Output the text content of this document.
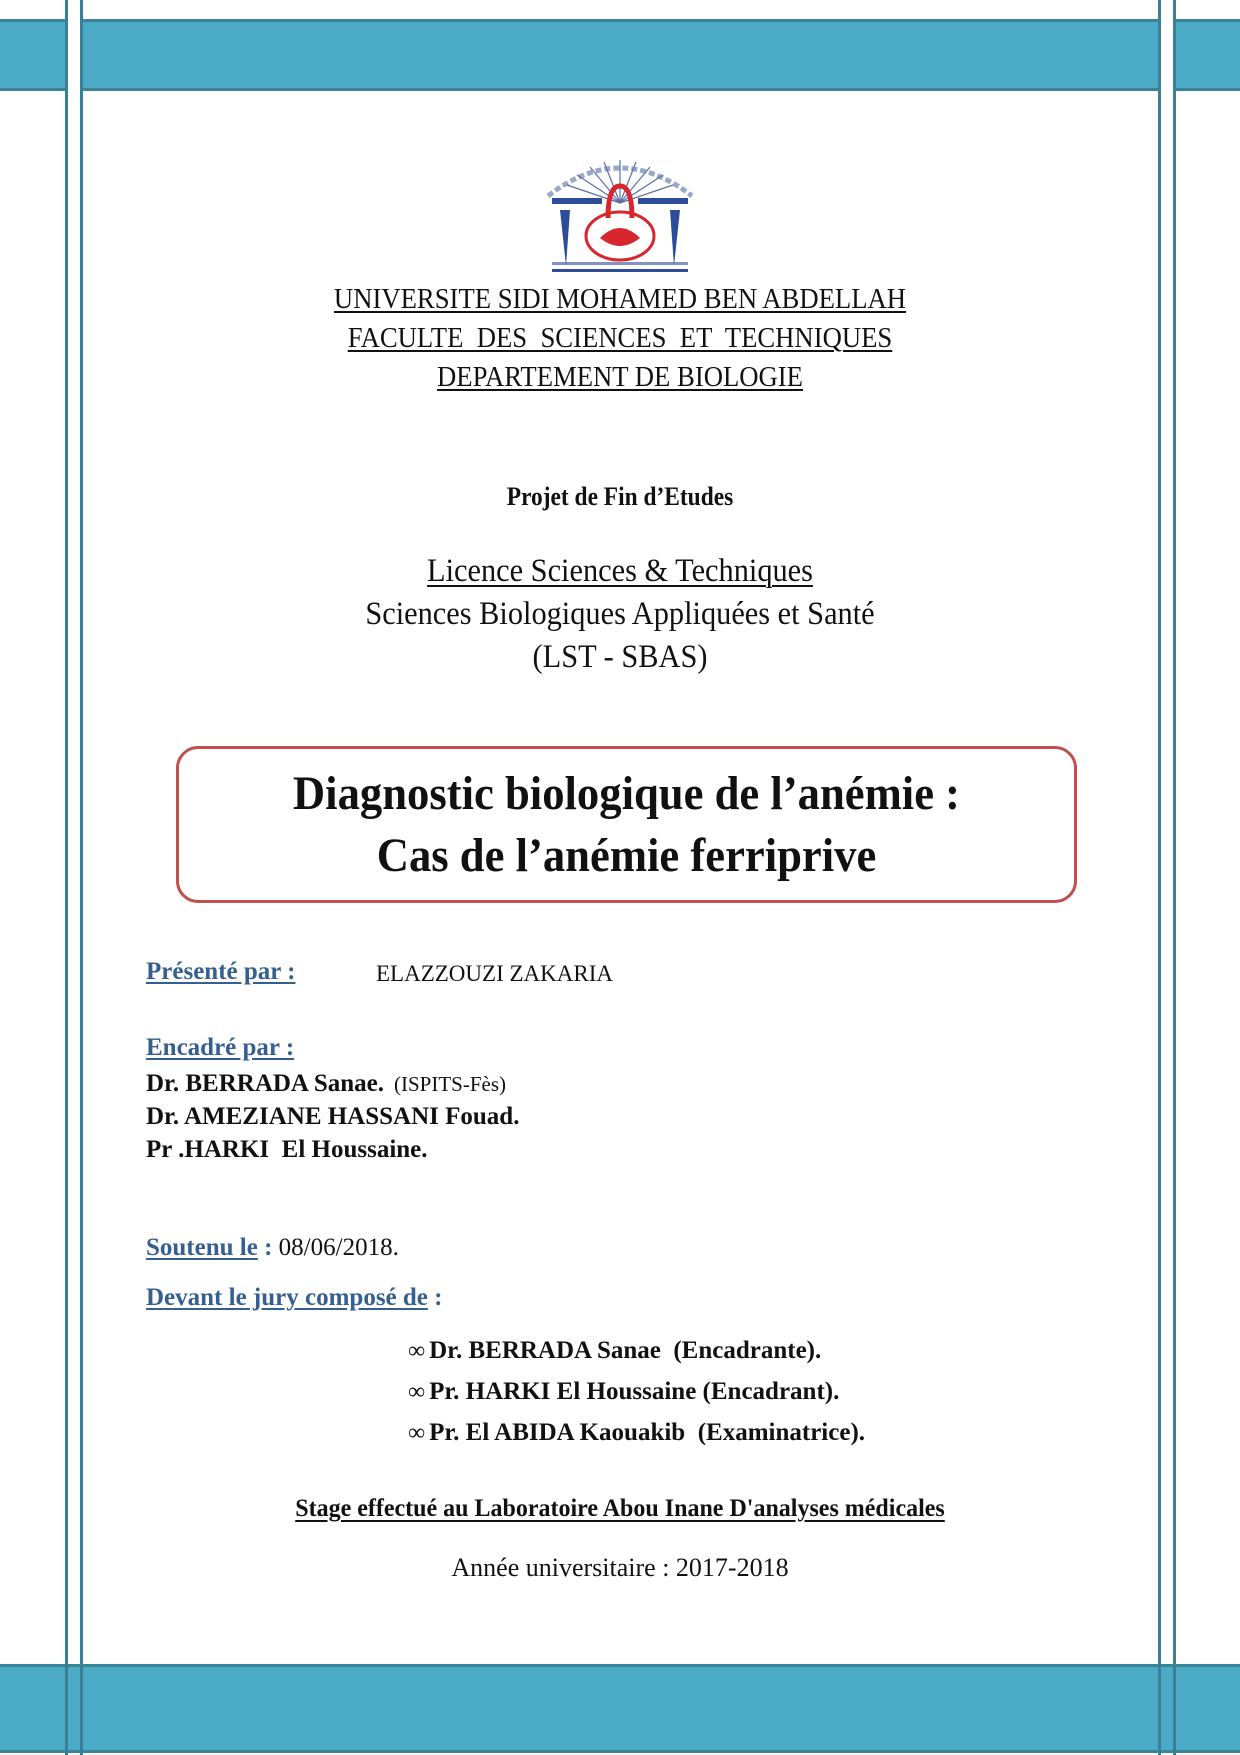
UNIVERSITE SIDI MOHAMED BEN ABDELLAH
FACULTE  DES  SCIENCES  ET  TECHNIQUES
DEPARTEMENT DE BIOLOGIE
Projet de Fin d’Etudes
Licence Sciences & Techniques
Sciences Biologiques Appliquées et Santé
(LST - SBAS)
Diagnostic biologique de l’anémie :
Cas de l’anémie ferriprive
Présenté par :	ELAZZOUZI ZAKARIA
Encadré par :
Dr. BERRADA Sanae. (ISPITS-Fès)
Dr. AMEZIANE HASSANI Fouad.
Pr .HARKI  El Houssaine.
Soutenu le : 08/06/2018.
Devant le jury composé de :
∞ Dr. BERRADA Sanae  (Encadrante).
∞ Pr. HARKI El Houssaine (Encadrant).
∞ Pr. El ABIDA Kaouakib  (Examinatrice).
Stage effectué au Laboratoire Abou Inane D'analyses médicales
Année universitaire : 2017-2018
